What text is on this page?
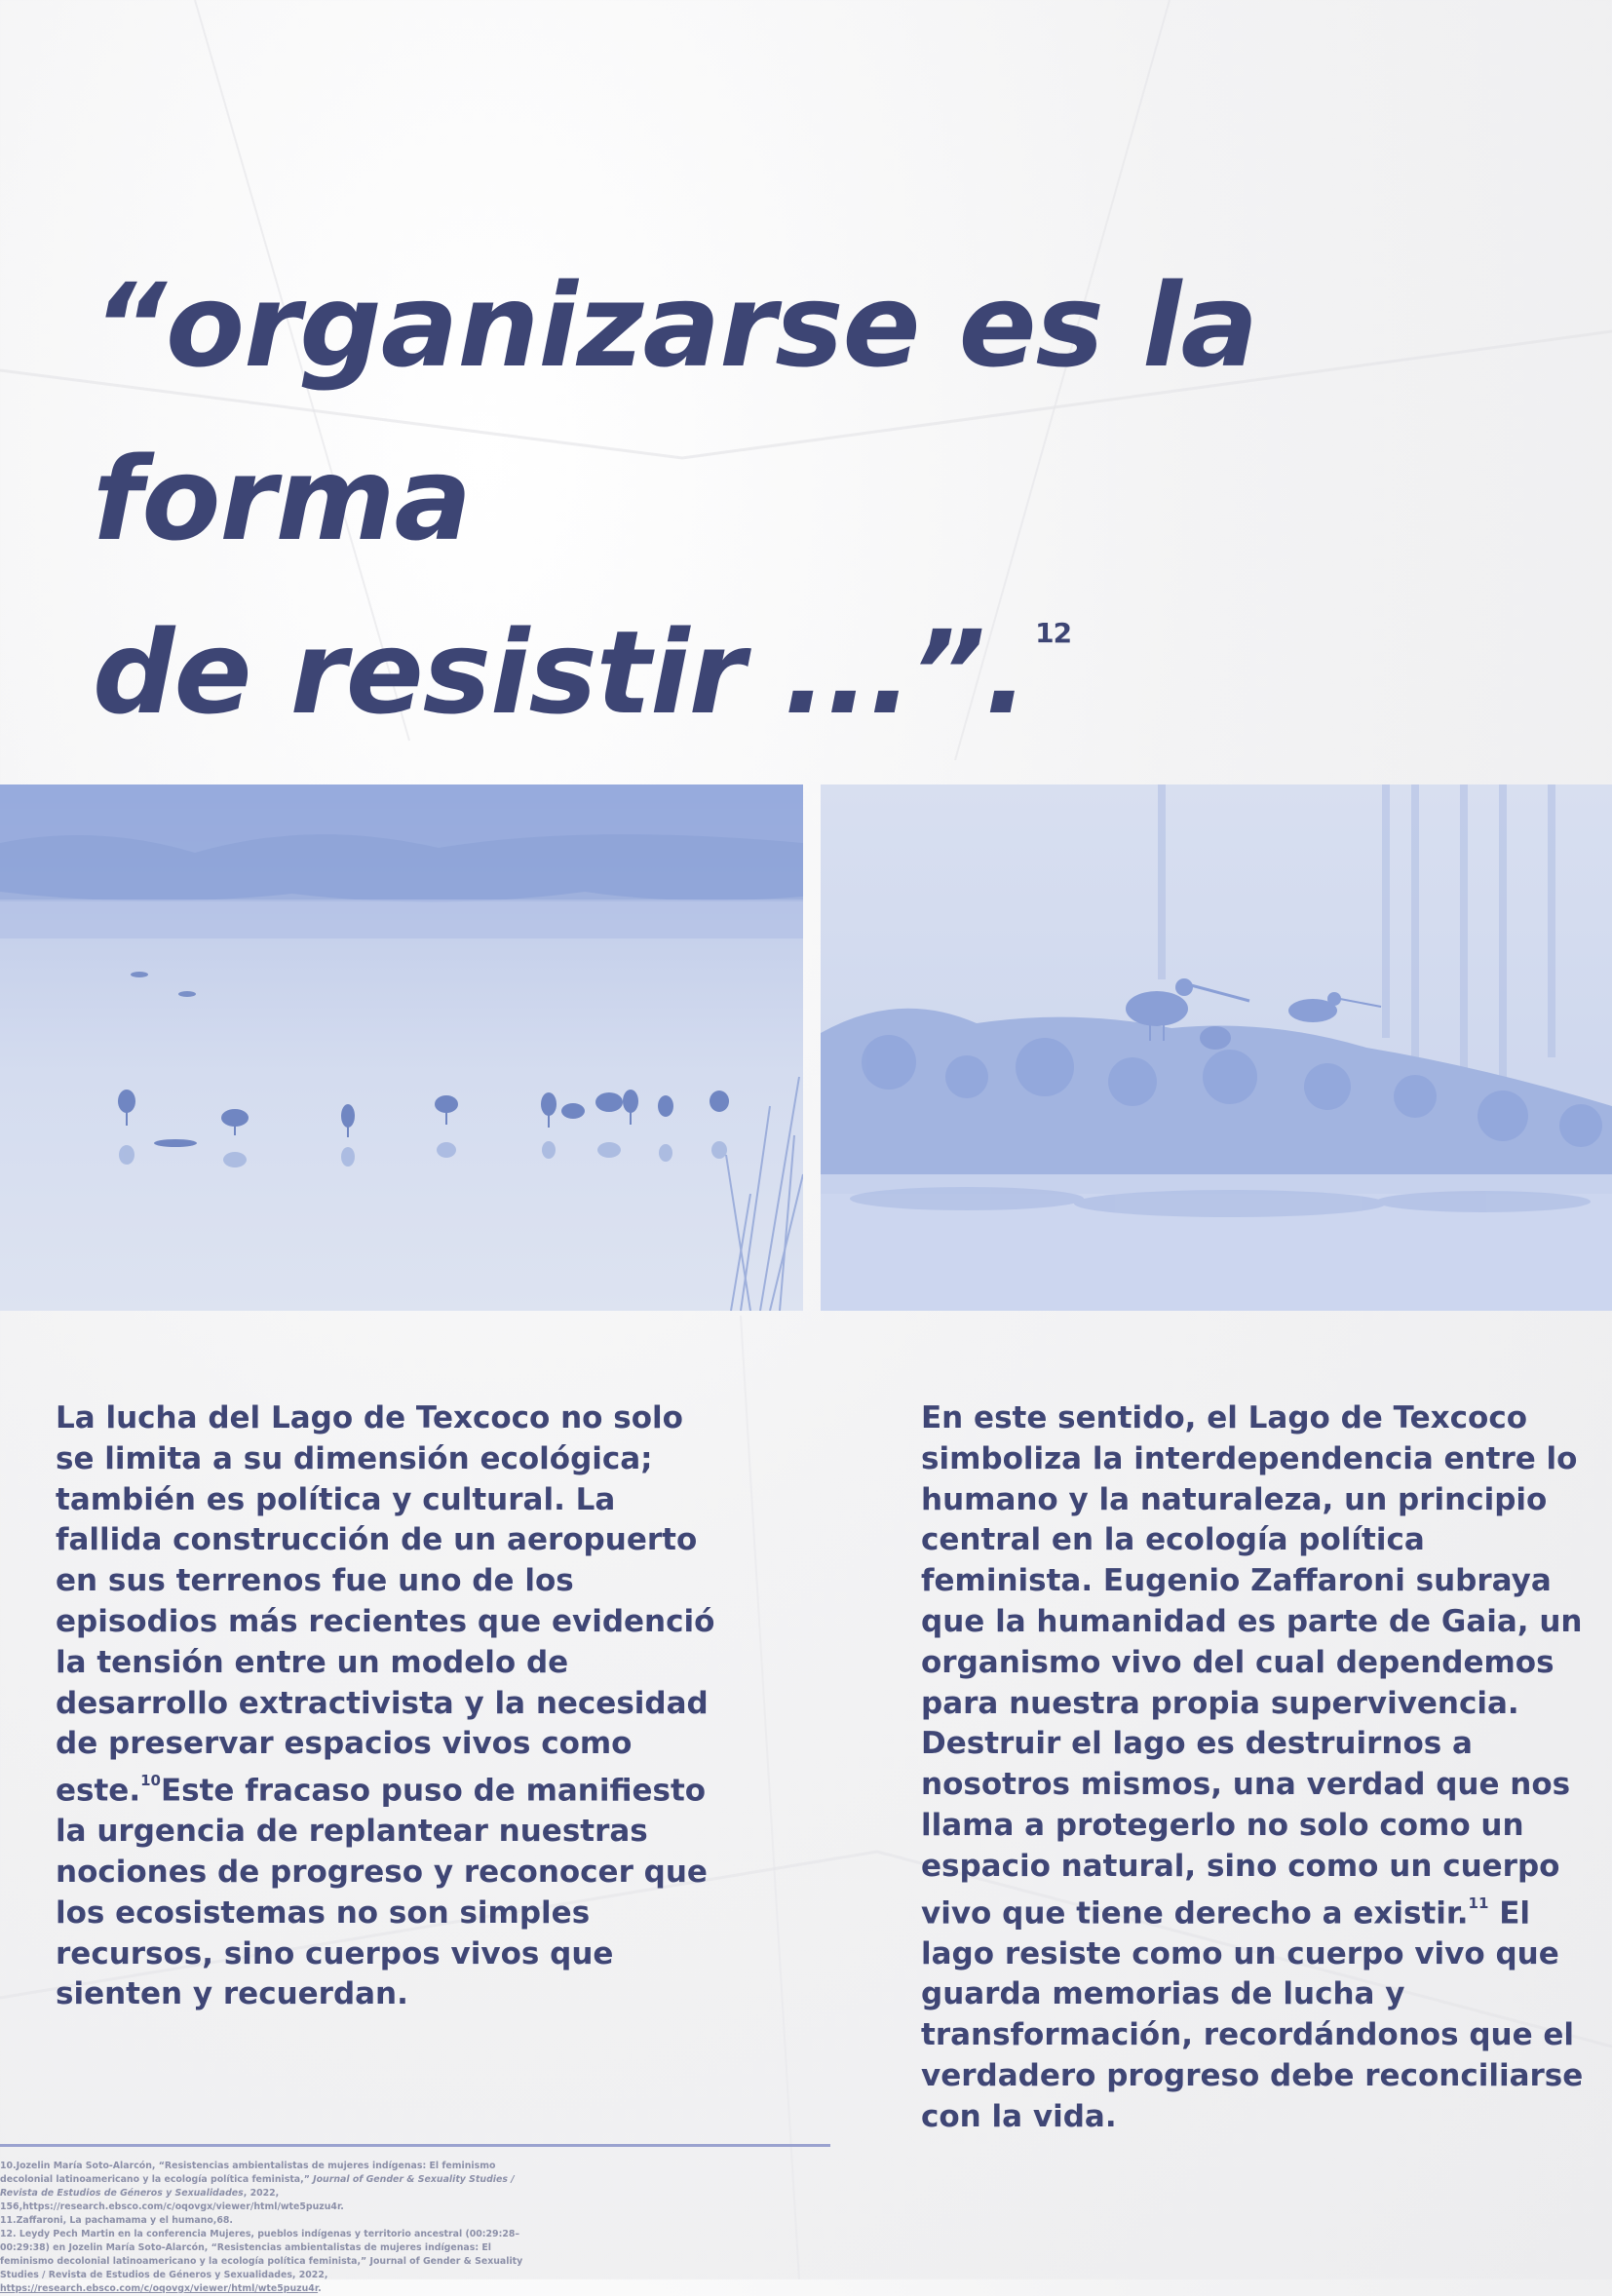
“organizarse es la forma
de resistir ...”. $^{12}$
La lucha del Lago de Texcoco no solo se limita a su dimensión ecológica; también es política y cultural. La fallida construcción de un aeropuerto en sus terrenos fue uno de los episodios más recientes que evidenció la tensión entre un modelo de desarrollo extractivista y la necesidad de preservar espacios vivos como este.$^{10}$Este fracaso puso de manifiesto la urgencia de replantear nuestras nociones de progreso y reconocer que los ecosistemas no son simples recursos, sino cuerpos vivos que sienten y recuerdan.
En este sentido, el Lago de Texcoco simboliza la interdependencia entre lo humano y la naturaleza, un principio central en la ecología política feminista. Eugenio Zaffaroni subraya que la humanidad es parte de Gaia, un organismo vivo del cual dependemos para nuestra propia supervivencia. Destruir el lago es destruirnos a nosotros mismos, una verdad que nos llama a protegerlo no solo como un espacio natural, sino como un cuerpo vivo que tiene derecho a existir.$^{11}$ El lago resiste como un cuerpo vivo que guarda memorias de lucha y transformación, recordándonos que el verdadero progreso debe reconciliarse con la vida.

10.Jozelin María Soto-Alarcón, “Resistencias ambientalistas de mujeres indígenas: El feminismo decolonial latinoamericano y la ecología política feminista,” Journal of Gender & Sexuality Studies / Revista de Estudios de Géneros y Sexualidades, 2022, 156,https://research.ebsco.com/c/oqovgx/viewer/html/wte5puzu4r.

11.Zaffaroni, La pachamama y el humano,68.

12. Leydy Pech Martin en la conferencia Mujeres, pueblos indígenas y territorio ancestral (00:29:28–00:29:38) en Jozelin María Soto-Alarcón, “Resistencias ambientalistas de mujeres indígenas: El feminismo decolonial latinoamericano y la ecología política feminista,” Journal of Gender & Sexuality Studies / Revista de Estudios de Géneros y Sexualidades, 2022, https://research.ebsco.com/c/oqovgx/viewer/html/wte5puzu4r.
